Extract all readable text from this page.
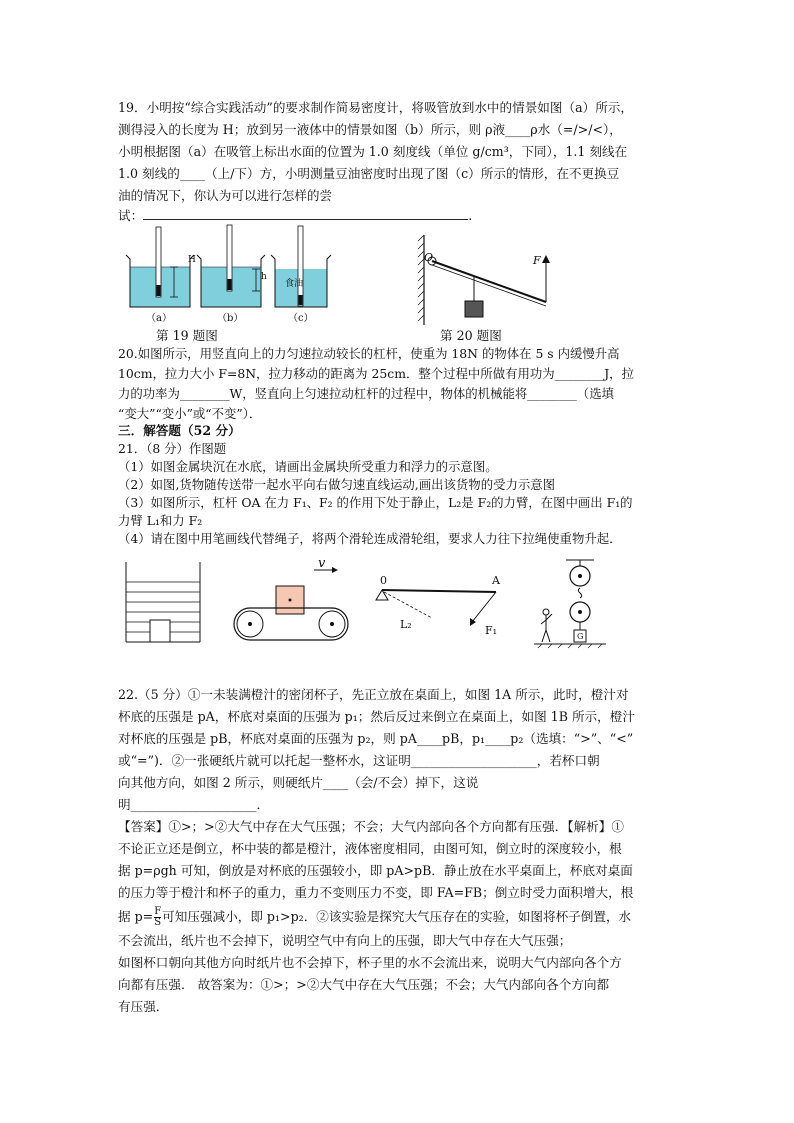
19．小明按“综合实践活动”的要求制作简易密度计，将吸管放到水中的情景如图（a）所示，

测得浸入的长度为 H；放到另一液体中的情景如图（b）所示，则 ρ液____ρ水（=/>/<），

小明根据图（a）在吸管上标出水面的位置为 1.0 刻度线（单位 g/cm³，下同），1.1 刻线在

1.0 刻线的____（上/下）方，小明测量豆油密度时出现了图（c）所示的情形，在不更换豆

油的情况下，你认为可以进行怎样的尝

试：	.
H
h
食油
（a）	（b）	（c）
第 19 题图
O	F
第 20 题图

20.如图所示，用竖直向上的力匀速拉动较长的杠杆，使重为 18N 的物体在 5 s 内缓慢升高

10cm，拉力大小 F=8N，拉力移动的距离为 25cm．整个过程中所做有用功为________J，拉

力的功率为________W，竖直向上匀速拉动杠杆的过程中，物体的机械能将________（选填

“变大”“变小”或“不变”）．

三．解答题（52 分）

21．（8 分）作图题

（1）如图金属块沉在水底，请画出金属块所受重力和浮力的示意图。

（2）如图,货物随传送带一起水平向右做匀速直线运动,画出该货物的受力示意图

（3）如图所示，杠杆 OA 在力 F₁、F₂ 的作用下处于静止，L₂是 F₂的力臂，在图中画出 F₁的

力臂 L₁和力 F₂

（4）请在图中用笔画线代替绳子，将两个滑轮连成滑轮组，要求人力往下拉绳使重物升起．

v
0	A
L₂	F₁	G

22.（5 分）①一未装满橙汁的密闭杯子，先正立放在桌面上，如图 1A 所示，此时，橙汁对

杯底的压强是 pA，杯底对桌面的压强为 p₁；然后反过来倒立在桌面上，如图 1B 所示，橙汁

对杯底的压强是 pB，杯底对桌面的压强为 p₂，则 pA____pB，p₁____p₂（选填：“>”、“<”

或“=”)．②一张硬纸片就可以托起一整杯水，这证明____________________，若杯口朝

向其他方向，如图 2 所示，则硬纸片____（会/不会）掉下，这说

明____________________．

【答案】①>；>②大气中存在大气压强；不会；大气内部向各个方向都有压强．【解析】①

不论正立还是倒立，杯中装的都是橙汁，液体密度相同，由图可知，倒立时的深度较小，根

据 p=ρgh 可知，倒放是对杯底的压强较小，即 pA>pB．静止放在水平桌面上，杯底对桌面

的压力等于橙汁和杯子的重力，重力不变则压力不变，即 FA=FB；倒立时受力面积增大，根

据 $p= \frac{F}{S}$ 可知压强减小，即 p₁>p₂．②该实验是探究大气压存在的实验，如图将杯子倒置，水

不会流出，纸片也不会掉下，说明空气中有向上的压强，即大气中存在大气压强；

如图杯口朝向其他方向时纸片也不会掉下，杯子里的水不会流出来，说明大气内部向各个方

向都有压强． 故答案为：①>；>②大气中存在大气压强；不会；大气内部向各个方向都

有压强．
